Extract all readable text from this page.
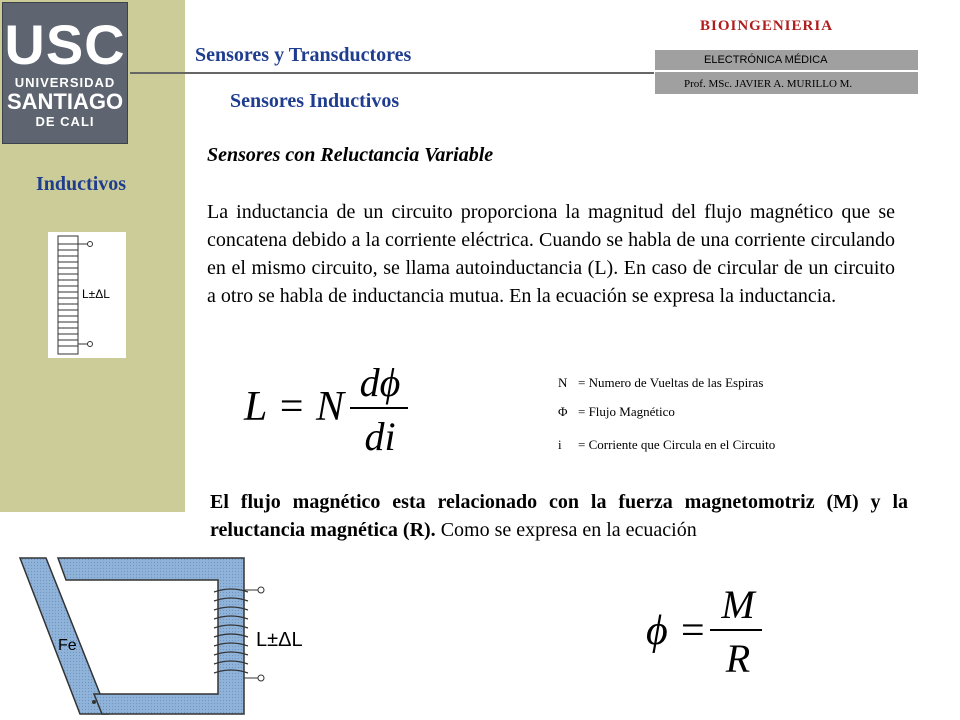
USC
UNIVERSIDAD
SANTIAGO
DE CALI
Sensores y Transductores
Sensores Inductivos
BIOINGENIERIA
ELECTRÓNICA MÉDICA
Prof. MSc. JAVIER A. MURILLO M.
Inductivos
L±ΔL
Sensores con Reluctancia Variable

La inductancia de un circuito proporciona la magnitud del flujo magnético que se concatena debido a la corriente eléctrica. Cuando se habla de una corriente circulando en el mismo circuito, se llama autoinductancia (L). En caso de circular de un circuito a otro se habla de inductancia mutua. En la ecuación se expresa la inductancia.

L = N
dϕ
di
N = Numero de Vueltas de las Espiras
Φ = Flujo Magnético
i = Corriente que Circula en el Circuito

El flujo magnético esta relacionado con la fuerza magnetomotriz (M) y la reluctancia magnética (R). Como se expresa en la ecuación

Fe	L±ΔL	ϕ =
M
R
